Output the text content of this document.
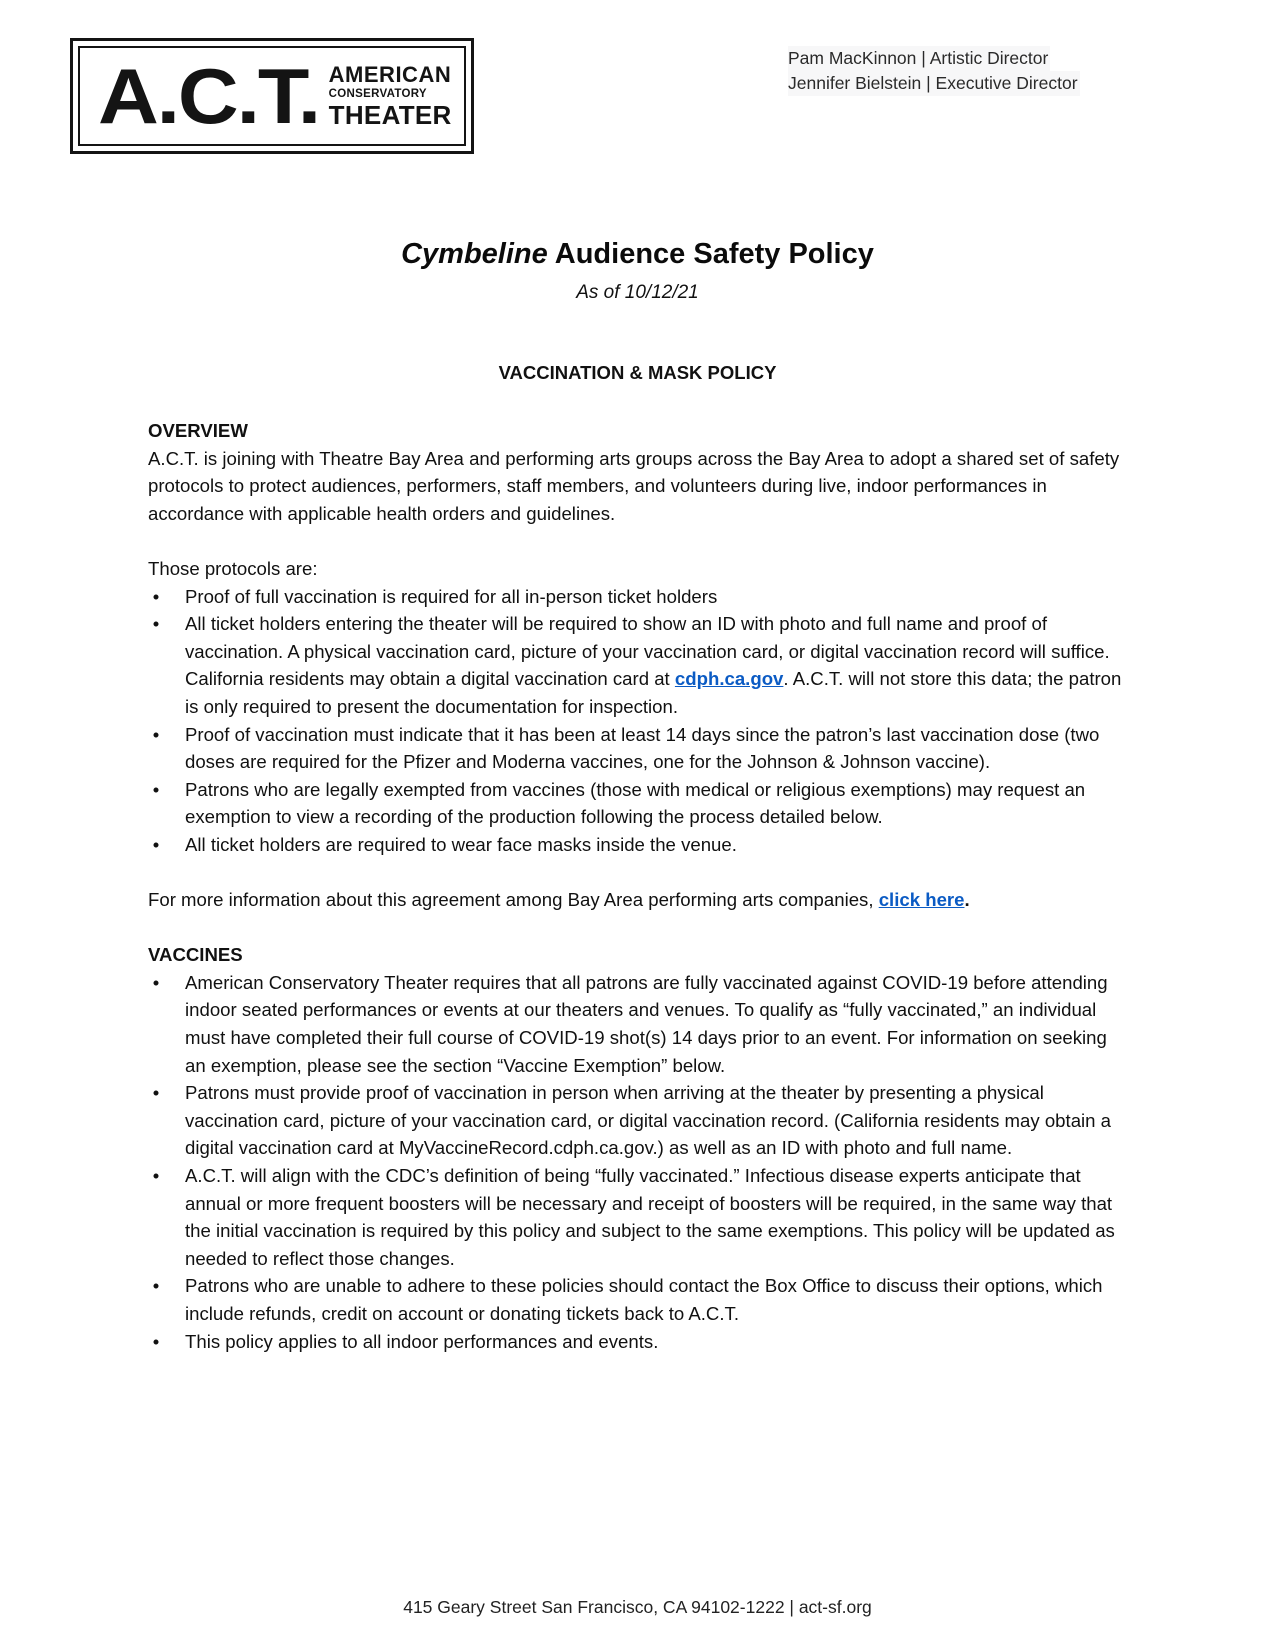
A.C.T. AMERICAN
CONSERVATORY
THEATER
Pam MacKinnon | Artistic Director
Jennifer Bielstein | Executive Director
Cymbeline Audience Safety Policy
As of 10/12/21
VACCINATION & MASK POLICY
OVERVIEW

A.C.T. is joining with Theatre Bay Area and performing arts groups across the Bay Area to adopt a shared set of safety protocols to protect audiences, performers, staff members, and volunteers during live, indoor performances in accordance with applicable health orders and guidelines.

Those protocols are:

• Proof of full vaccination is required for all in-person ticket holders
• All ticket holders entering the theater will be required to show an ID with photo and full name and proof of vaccination. A physical vaccination card, picture of your vaccination card, or digital vaccination record will suffice. California residents may obtain a digital vaccination card at cdph.ca.gov. A.C.T. will not store this data; the patron is only required to present the documentation for inspection.
• Proof of vaccination must indicate that it has been at least 14 days since the patron’s last vaccination dose (two doses are required for the Pfizer and Moderna vaccines, one for the Johnson & Johnson vaccine).
• Patrons who are legally exempted from vaccines (those with medical or religious exemptions) may request an exemption to view a recording of the production following the process detailed below.
• All ticket holders are required to wear face masks inside the venue.

For more information about this agreement among Bay Area performing arts companies, click here.

VACCINES
• American Conservatory Theater requires that all patrons are fully vaccinated against COVID-19 before attending indoor seated performances or events at our theaters and venues. To qualify as “fully vaccinated,” an individual must have completed their full course of COVID-19 shot(s) 14 days prior to an event. For information on seeking an exemption, please see the section “Vaccine Exemption” below.
• Patrons must provide proof of vaccination in person when arriving at the theater by presenting a physical vaccination card, picture of your vaccination card, or digital vaccination record. (California residents may obtain a digital vaccination card at MyVaccineRecord.cdph.ca.gov.) as well as an ID with photo and full name.
• A.C.T. will align with the CDC’s definition of being “fully vaccinated.” Infectious disease experts anticipate that annual or more frequent boosters will be necessary and receipt of boosters will be required, in the same way that the initial vaccination is required by this policy and subject to the same exemptions. This policy will be updated as needed to reflect those changes.
• Patrons who are unable to adhere to these policies should contact the Box Office to discuss their options, which include refunds, credit on account or donating tickets back to A.C.T.
• This policy applies to all indoor performances and events.
415 Geary Street San Francisco, CA 94102-1222 | act-sf.org
